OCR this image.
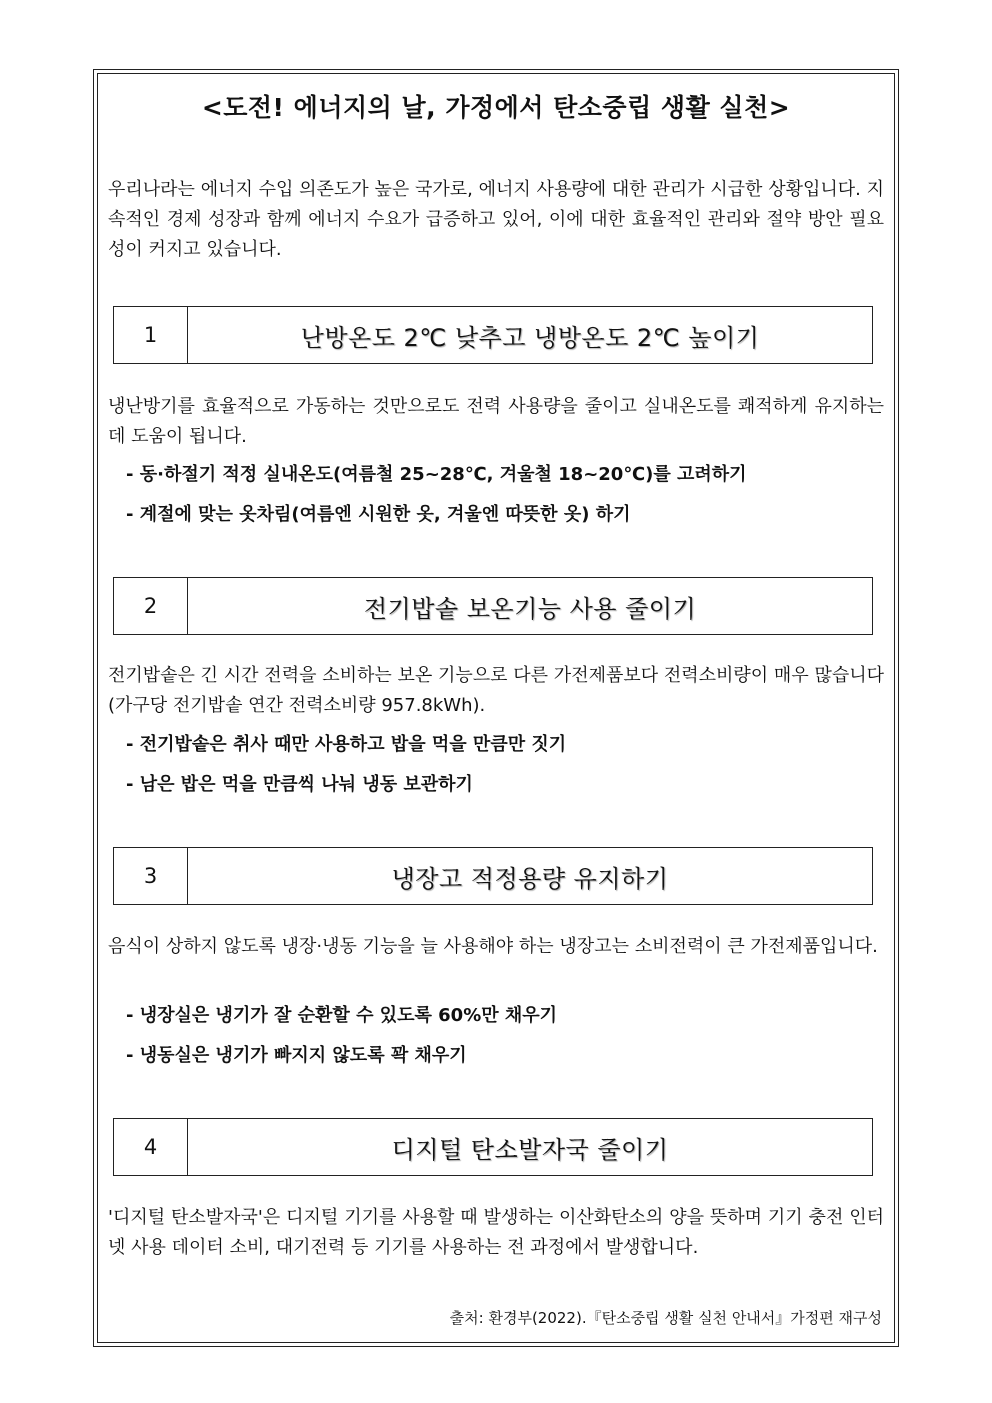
<도전! 에너지의 날, 가정에서 탄소중립 생활 실천>

우리나라는 에너지 수입 의존도가 높은 국가로, 에너지 사용량에 대한 관리가 시급한 상황입니다. 지속적인 경제 성장과 함께 에너지 수요가 급증하고 있어, 이에 대한 효율적인 관리와 절약 방안 필요성이 커지고 있습니다.

1	난방온도 2℃ 낮추고 냉방온도 2℃ 높이기

냉난방기를 효율적으로 가동하는 것만으로도 전력 사용량을 줄이고 실내온도를 쾌적하게 유지하는 데 도움이 됩니다.

- 동·하절기 적정 실내온도(여름철 25~28℃, 겨울철 18~20℃)를 고려하기
- 계절에 맞는 옷차림(여름엔 시원한 옷, 겨울엔 따뜻한 옷) 하기
2	전기밥솥 보온기능 사용 줄이기

전기밥솥은 긴 시간 전력을 소비하는 보온 기능으로 다른 가전제품보다 전력소비량이 매우 많습니다(가구당 전기밥솥 연간 전력소비량 957.8kWh).

- 전기밥솥은 취사 때만 사용하고 밥을 먹을 만큼만 짓기
- 남은 밥은 먹을 만큼씩 나눠 냉동 보관하기
3	냉장고 적정용량 유지하기

음식이 상하지 않도록 냉장·냉동 기능을 늘 사용해야 하는 냉장고는 소비전력이 큰 가전제품입니다.

- 냉장실은 냉기가 잘 순환할 수 있도록 60%만 채우기
- 냉동실은 냉기가 빠지지 않도록 꽉 채우기
4	디지털 탄소발자국 줄이기

'디지털 탄소발자국'은 디지털 기기를 사용할 때 발생하는 이산화탄소의 양을 뜻하며 기기 충전 인터넷 사용 데이터 소비, 대기전력 등 기기를 사용하는 전 과정에서 발생합니다.

출처: 환경부(2022).『탄소중립 생활 실천 안내서』가정편 재구성
